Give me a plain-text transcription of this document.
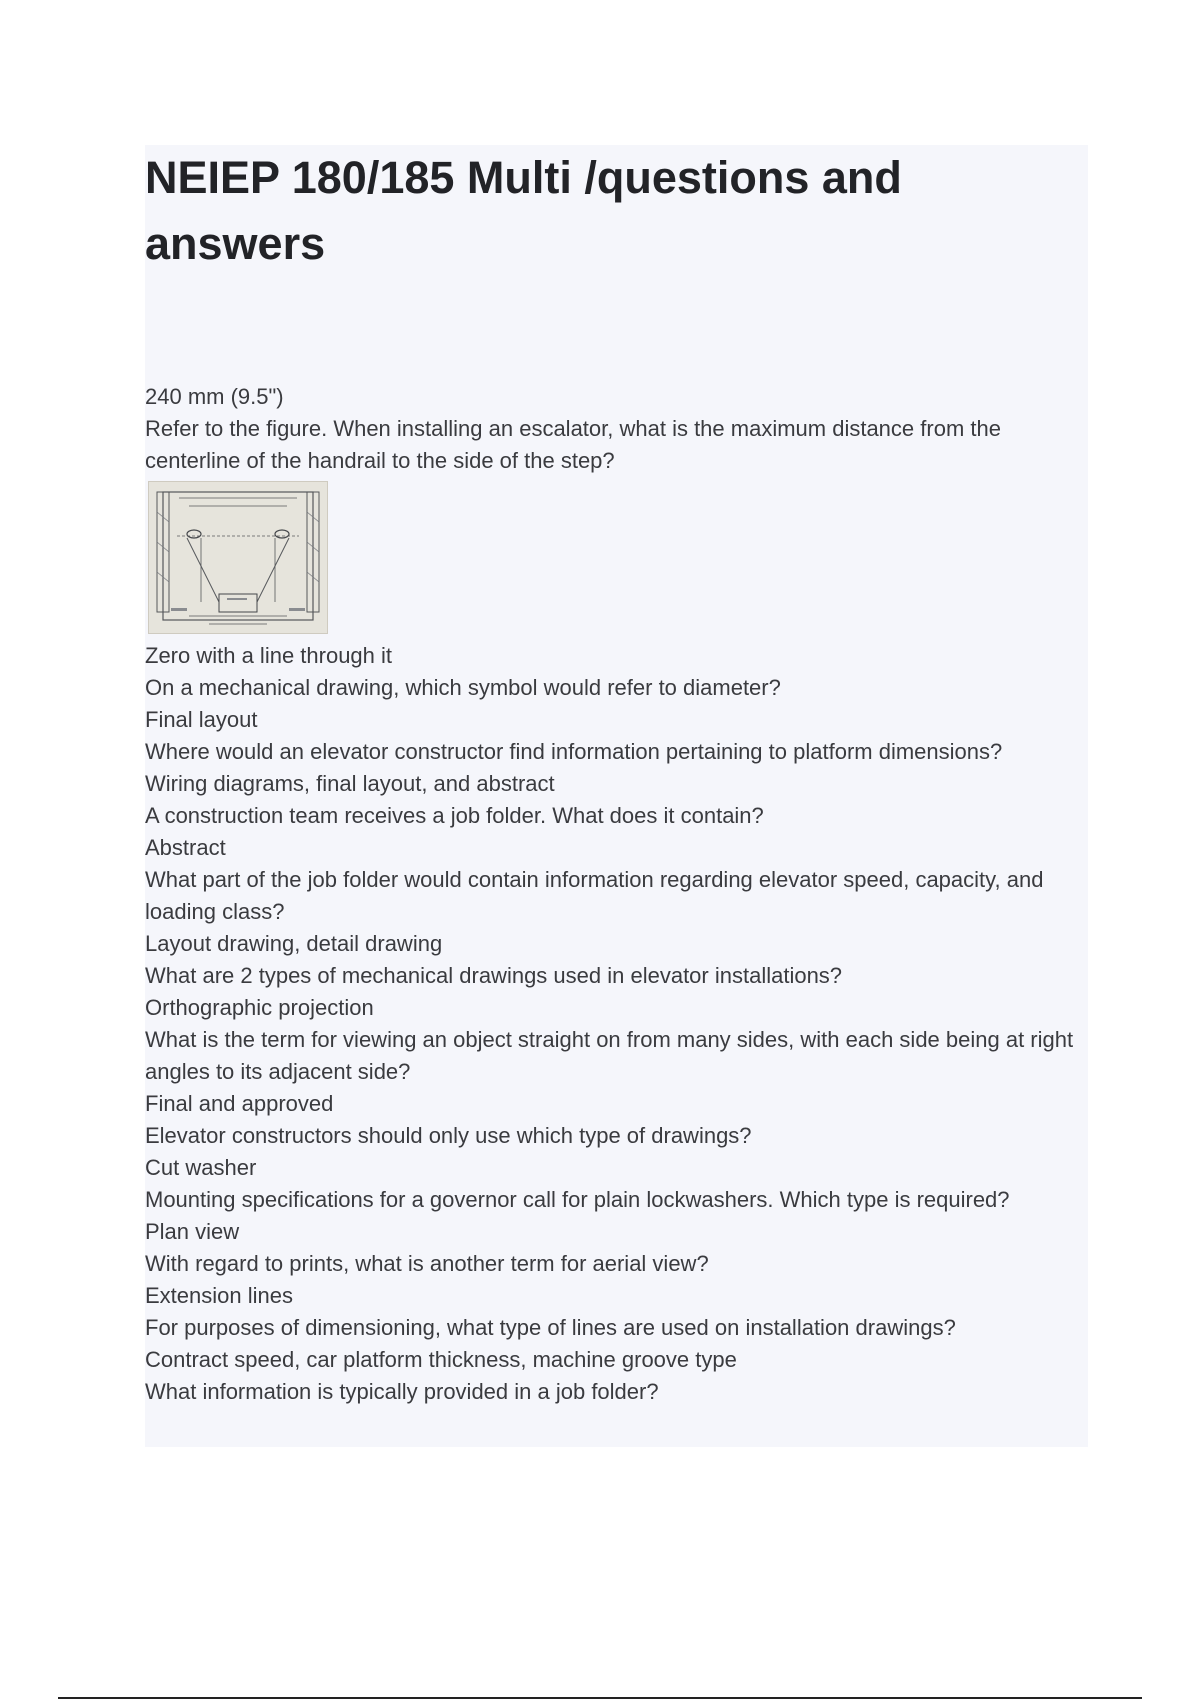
NEIEP 180/185 Multi /questions and answers

240 mm (9.5")

Refer to the figure. When installing an escalator, what is the maximum distance from the centerline of the handrail to the side of the step?

Zero with a line through it

On a mechanical drawing, which symbol would refer to diameter?

Final layout

Where would an elevator constructor find information pertaining to platform dimensions?

Wiring diagrams, final layout, and abstract

A construction team receives a job folder. What does it contain?

Abstract

What part of the job folder would contain information regarding elevator speed, capacity, and loading class?

Layout drawing, detail drawing

What are 2 types of mechanical drawings used in elevator installations?

Orthographic projection

What is the term for viewing an object straight on from many sides, with each side being at right angles to its adjacent side?

Final and approved

Elevator constructors should only use which type of drawings?

Cut washer

Mounting specifications for a governor call for plain lockwashers. Which type is required?

Plan view

With regard to prints, what is another term for aerial view?

Extension lines

For purposes of dimensioning, what type of lines are used on installation drawings?

Contract speed, car platform thickness, machine groove type

What information is typically provided in a job folder?
